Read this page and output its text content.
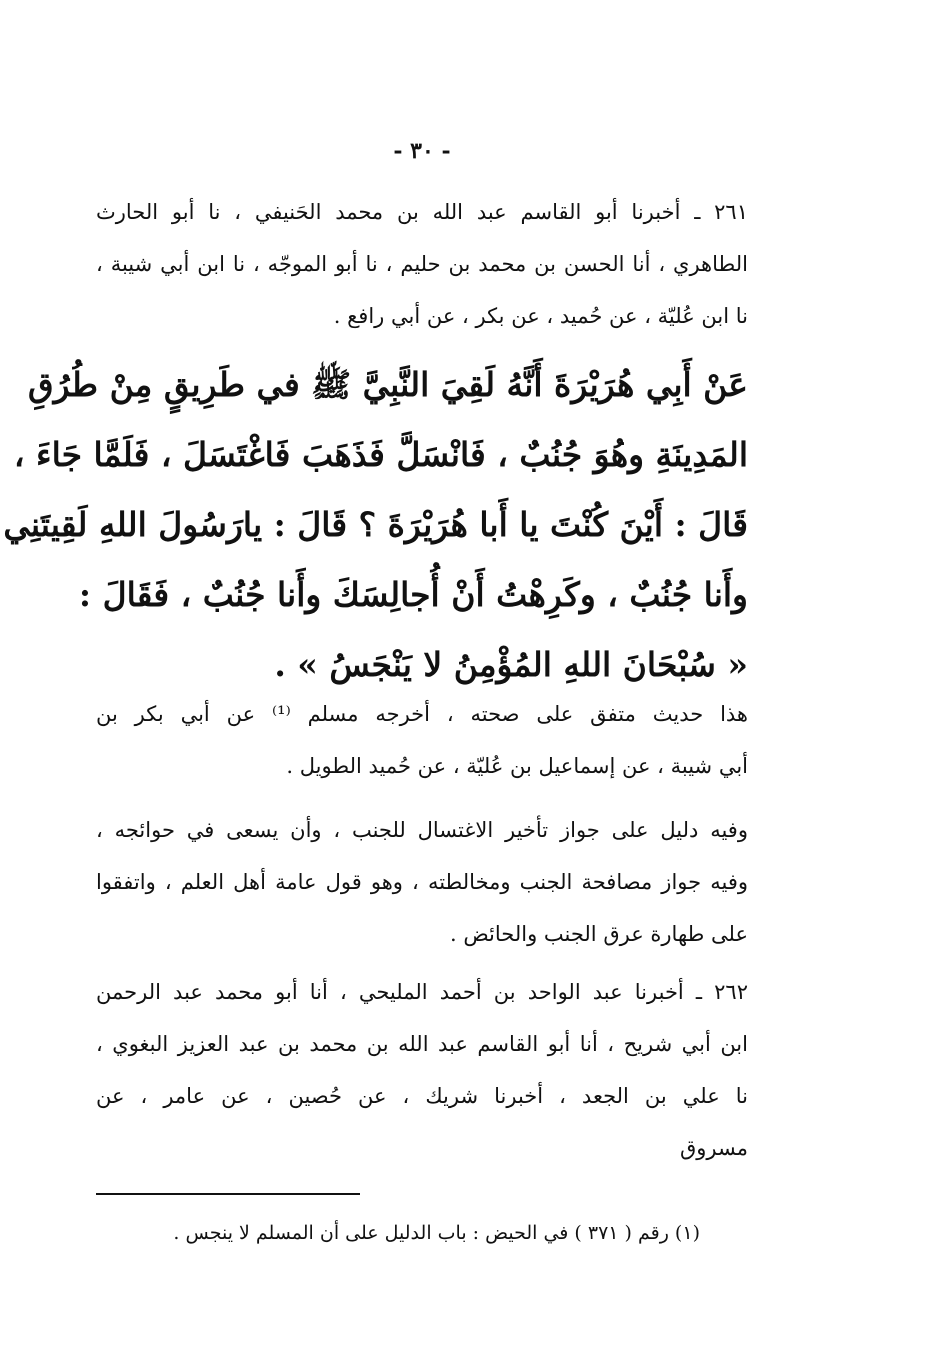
- ٣٠ -
٢٦١ ـ أخبرنا أبو القاسم عبد الله بن محمد الحَنيفي ، نا أبو الحارث
الطاهري ، أنا الحسن بن محمد بن حليم ، نا أبو الموجّه ، نا ابن أبي شيبة ،
نا ابن عُليّة ، عن حُميد ، عن بكر ، عن أبي رافع .
عَنْ أَبِي هُرَيْرَةَ أَنَّهُ لَقِيَ النَّبِيَّ ﷺ في طَرِيقٍ مِنْ طُرُقِ
المَدِينَةِ وهُوَ جُنُبٌ ، فَانْسَلَّ فَذَهَبَ فَاغْتَسَلَ ، فَلَمَّا جَاءَ ،
قَالَ : أَيْنَ كُنْتَ يا أَبا هُرَيْرَةَ ؟ قَالَ : يارَسُولَ اللهِ لَقِيتَنِي
وأَنا جُنُبٌ ، وكَرِهْتُ أَنْ أُجالِسَكَ وأَنا جُنُبٌ ، فَقَالَ :
« سُبْحَانَ اللهِ المُؤْمِنُ لا يَنْجَسُ » .
هذا حديث متفق على صحته ، أخرجه مسلم ⁽¹⁾ عن أبي بكر بن
أبي شيبة ، عن إسماعيل بن عُليّة ، عن حُميد الطويل .
وفيه دليل على جواز تأخير الاغتسال للجنب ، وأن يسعى في حوائجه ،
وفيه جواز مصافحة الجنب ومخالطته ، وهو قول عامة أهل العلم ، واتفقوا
على طهارة عرق الجنب والحائض .
٢٦٢ ـ أخبرنا عبد الواحد بن أحمد المليحي ، أنا أبو محمد عبد الرحمن
ابن أبي شريح ، أنا أبو القاسم عبد الله بن محمد بن عبد العزيز البغوي ،
نا علي بن الجعد ، أخبرنا شريك ، عن حُصين ، عن عامر ، عن
مسروق
(١) رقم ( ٣٧١ ) في الحيض : باب الدليل على أن المسلم لا ينجس .
